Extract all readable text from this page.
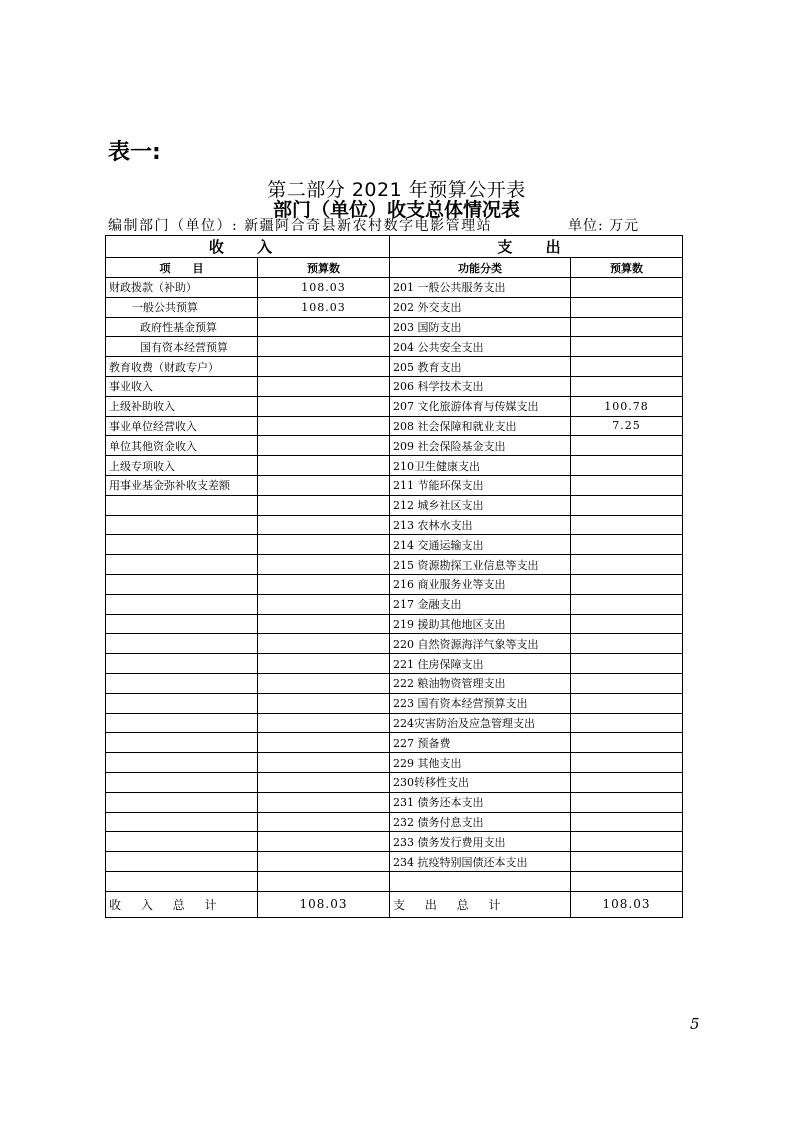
表一:
第二部分 2021 年预算公开表
部门（单位）收支总体情况表
编制部门（单位）: 新疆阿合奇县新农村数字电影管理站	单位: 万元
收 入		支 出	
项　　目	预算数	功能分类	预算数
财政拨款（补助）	108.03	201 一般公共服务支出	
一般公共预算	108.03	202 外交支出	
政府性基金预算		203 国防支出	
国有资本经营预算		204 公共安全支出	
教育收费（财政专户）		205 教育支出	
事业收入		206 科学技术支出	
上级补助收入		207 文化旅游体育与传媒支出	100.78
事业单位经营收入		208 社会保障和就业支出	7.25
单位其他资金收入		209 社会保险基金支出	
上级专项收入		210卫生健康支出	
用事业基金弥补收支差额		211 节能环保支出	
		212 城乡社区支出	
		213 农林水支出	
		214 交通运输支出	
		215 资源勘探工业信息等支出	
		216 商业服务业等支出	
		217 金融支出	
		219 援助其他地区支出	
		220 自然资源海洋气象等支出	
		221 住房保障支出	
		222 粮油物资管理支出	
		223 国有资本经营预算支出	
		224灾害防治及应急管理支出	
		227 预备费	
		229 其他支出	
		230转移性支出	
		231 债务还本支出	
		232 债务付息支出	
		233 债务发行费用支出	
		234 抗疫特别国债还本支出	

收 入 总 计	108.03	支 出 总 计	108.03
5
